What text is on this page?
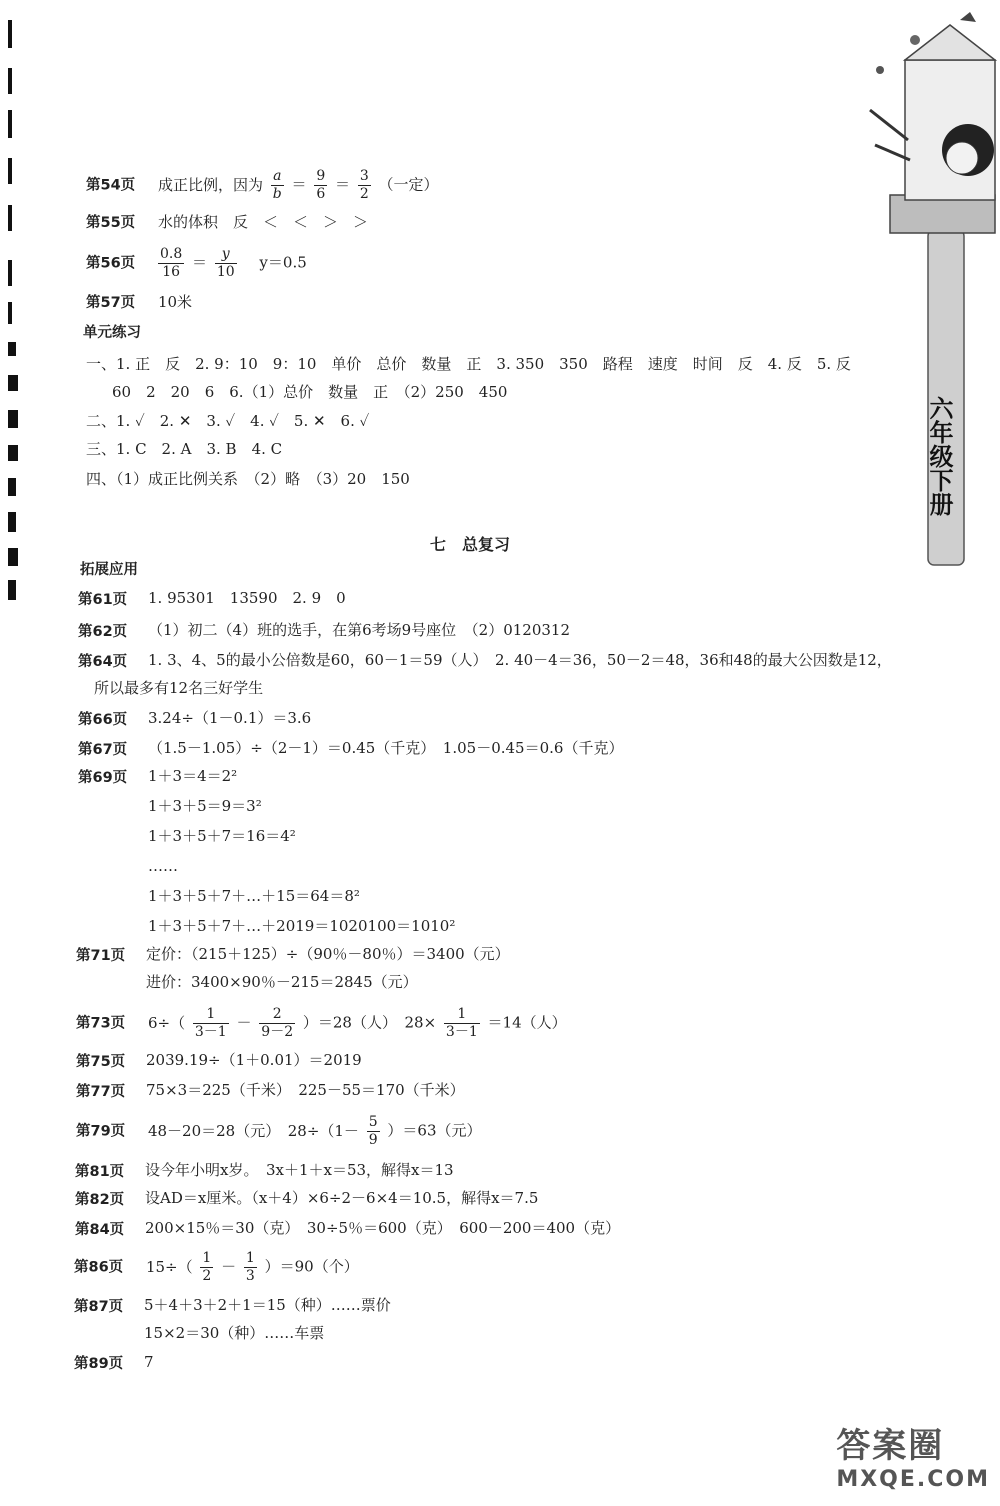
六年级下册
第54页 成正比例，因为 $\frac{a}{b} = \frac{9}{6} = \frac{3}{2}$ （一定）
第55页 水的体积　反　＜　＜　＞　＞
第56页 $\frac{0.8}{16} = \frac{y}{10}$ 　y＝0.5
第57页 10米
单元练习
一、1. 正　反　2. 9：10　9：10　单价　总价　数量　正　3. 350　350　路程　速度　时间　反　4. 反　5. 反
60　2　20　6　6.（1）总价　数量　正　（2）250　450
二、1. ✓　2. ✕　3. ✓　4. ✓　5. ✕　6. ✓
三、1. C　2. A　3. B　4. C
四、（1）成正比例关系　（2）略　（3）20　150
七　总复习
拓展应用
第61页 1. 95301　13590　2. 9　0
第62页 （1）初二（4）班的选手，在第6考场9号座位　（2）0120312
第64页 1. 3、4、5的最小公倍数是60，60－1＝59（人）　2. 40－4＝36，50－2＝48，36和48的最大公因数是12，
所以最多有12名三好学生
第66页 3.24÷（1－0.1）＝3.6
第67页 （1.5－1.05）÷（2－1）＝0.45（千克）　1.05－0.45＝0.6（千克）
第69页 1＋3＝4＝2²
1＋3＋5＝9＝3²
1＋3＋5＋7＝16＝4²
……
1＋3＋5＋7＋…＋15＝64＝8²
1＋3＋5＋7＋…＋2019＝1020100＝1010²
第71页 定价：（215＋125）÷（90％－80％）＝3400（元）
进价：3400×90％－215＝2845（元）
第75页 2039.19÷（1＋0.01）＝2019
第77页 75×3＝225（千米）　225－55＝170（千米）
第81页 设今年小明x岁。　3x＋1＋x＝53，解得x＝13
第82页 设AD＝x厘米。（x＋4）×6÷2－6×4＝10.5，解得x＝7.5
第84页 200×15％＝30（克）　30÷5％＝600（克）　600－200＝400（克）
第87页 5＋4＋3＋2＋1＝15（种）……票价
15×2＝30（种）……车票
第89页 7
第73页 $6\div( \frac{1}{3-1} - \frac{2}{9-2} )=28$（人）　$28\times \frac{1}{3-1} =14$（人）
第79页 48－20＝28（元）　$28\div(1- \frac{5}{9} )=63$（元）
第86页 $15\div( \frac{1}{2} - \frac{1}{3} )=90$（个）
答案圈
MXQE.COM
